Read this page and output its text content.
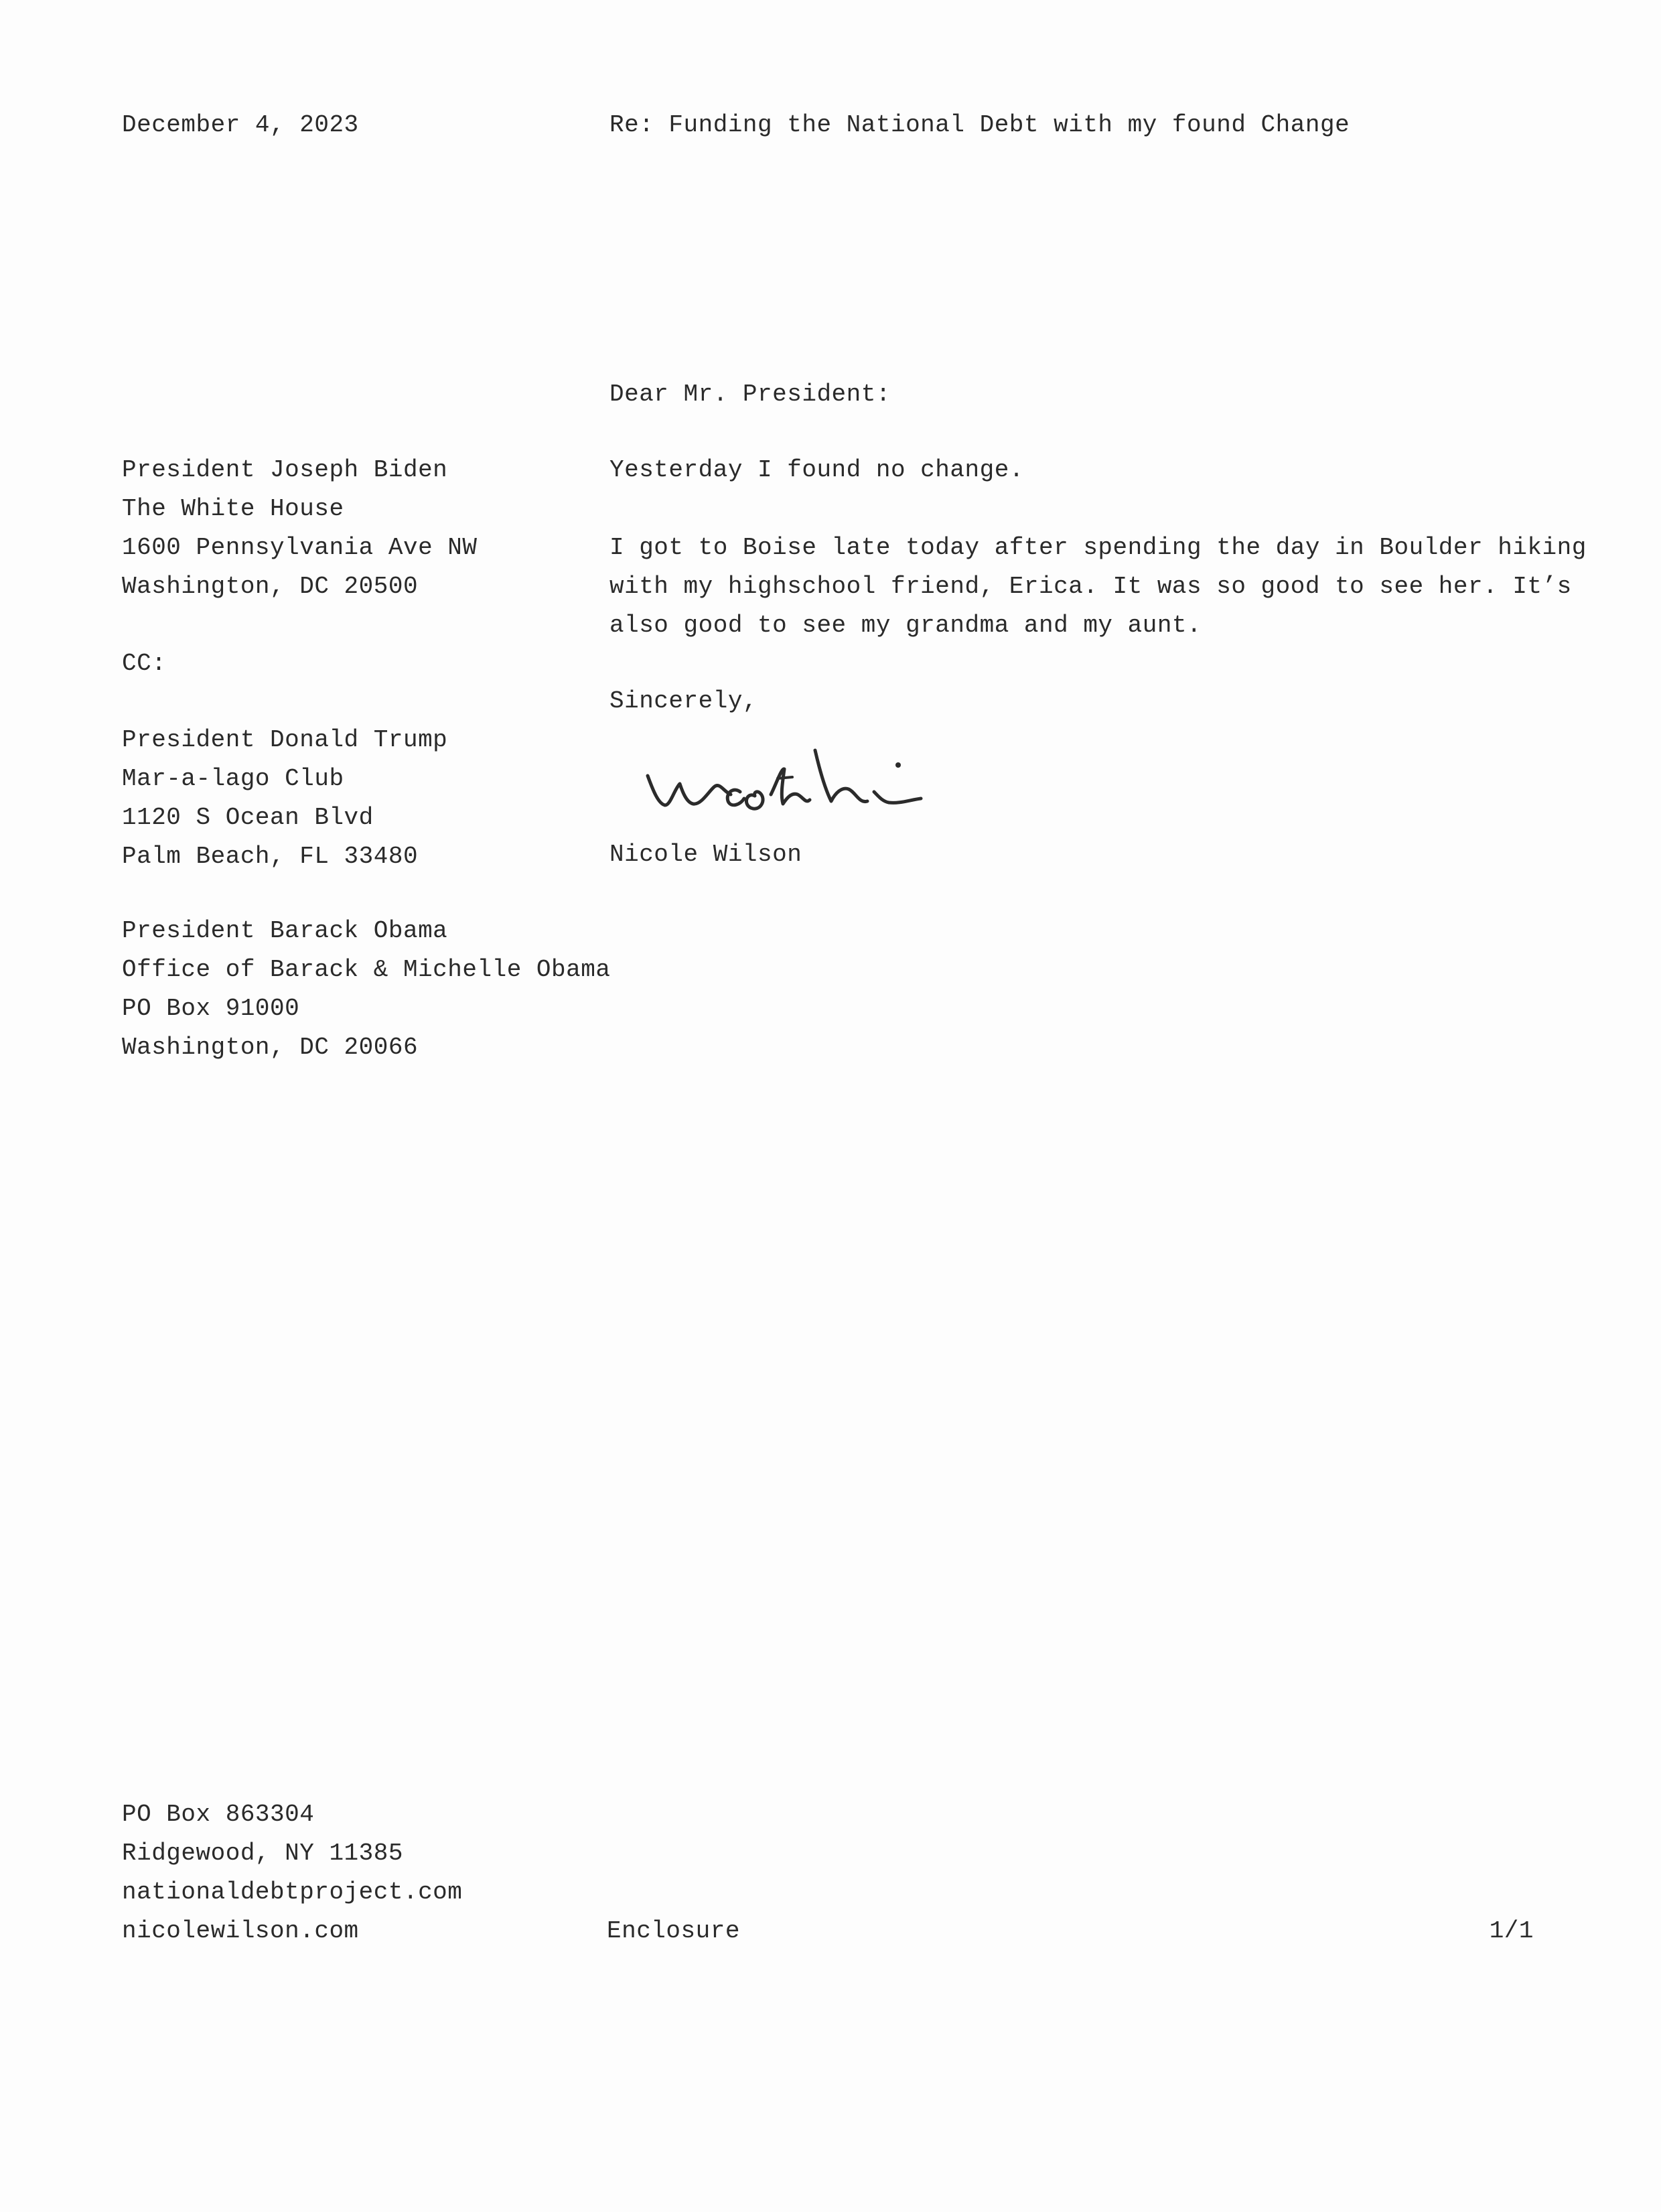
December 4, 2023	Re: Funding the National Debt with my found Change
Dear Mr. President:
President Joseph Biden
The White House
1600 Pennsylvania Ave NW
Washington, DC 20500
Yesterday I found no change.
I got to Boise late today after spending the day in Boulder hiking
with my highschool friend, Erica. It was so good to see her. It’s
also good to see my grandma and my aunt.
CC:
Sincerely,
President Donald Trump
Mar-a-lago Club
1120 S Ocean Blvd
Palm Beach, FL 33480	Nicole Wilson
President Barack Obama
Office of Barack & Michelle Obama
PO Box 91000
Washington, DC 20066
PO Box 863304
Ridgewood, NY 11385
nationaldebtproject.com
nicolewilson.com	Enclosure	1/1
